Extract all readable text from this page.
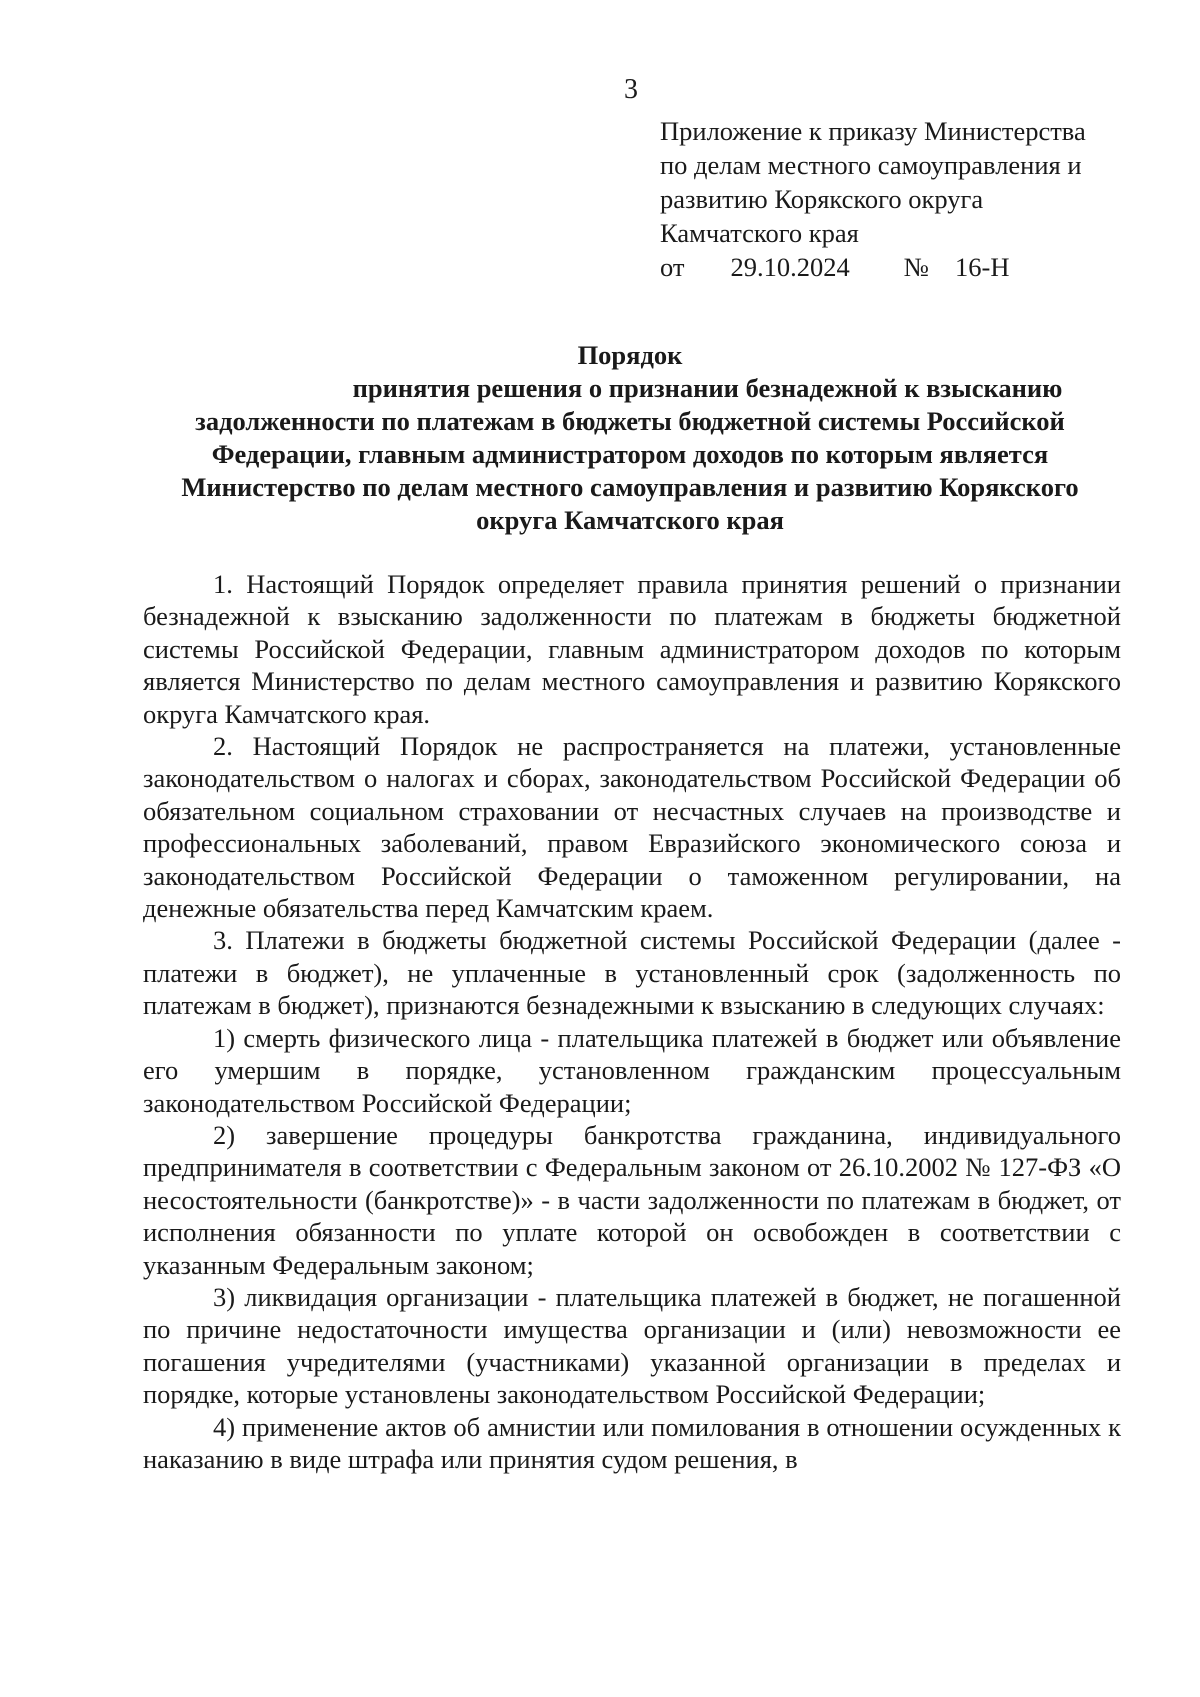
3
Приложение к приказу Министерства
по делам местного самоуправления и
развитию Корякского округа
Камчатского края
от 29.10.2024 № 16-Н
Порядок
принятия решения о признании безнадежной к взысканию задолженности по платежам в бюджеты бюджетной системы Российской Федерации, главным администратором доходов по которым является Министерство по делам местного самоуправления и развитию Корякского округа Камчатского края

1. Настоящий Порядок определяет правила принятия решений о признании безнадежной к взысканию задолженности по платежам в бюджеты бюджетной системы Российской Федерации, главным администратором доходов по которым является Министерство по делам местного самоуправления и развитию Корякского округа Камчатского края.

2. Настоящий Порядок не распространяется на платежи, установленные законодательством о налогах и сборах, законодательством Российской Федерации об обязательном социальном страховании от несчастных случаев на производстве и профессиональных заболеваний, правом Евразийского экономического союза и законодательством Российской Федерации о таможенном регулировании, на денежные обязательства перед Камчатским краем.

3. Платежи в бюджеты бюджетной системы Российской Федерации (далее - платежи в бюджет), не уплаченные в установленный срок (задолженность по платежам в бюджет), признаются безнадежными к взысканию в следующих случаях:

1) смерть физического лица - плательщика платежей в бюджет или объявление его умершим в порядке, установленном гражданским процессуальным законодательством Российской Федерации;

2) завершение процедуры банкротства гражданина, индивидуального предпринимателя в соответствии с Федеральным законом от 26.10.2002 № 127-ФЗ «О несостоятельности (банкротстве)» - в части задолженности по платежам в бюджет, от исполнения обязанности по уплате которой он освобожден в соответствии с указанным Федеральным законом;

3) ликвидация организации - плательщика платежей в бюджет, не погашенной по причине недостаточности имущества организации и (или) невозможности ее погашения учредителями (участниками) указанной организации в пределах и порядке, которые установлены законодательством Российской Федерации;

4) применение актов об амнистии или помилования в отношении осужденных к наказанию в виде штрафа или принятия судом решения, в
